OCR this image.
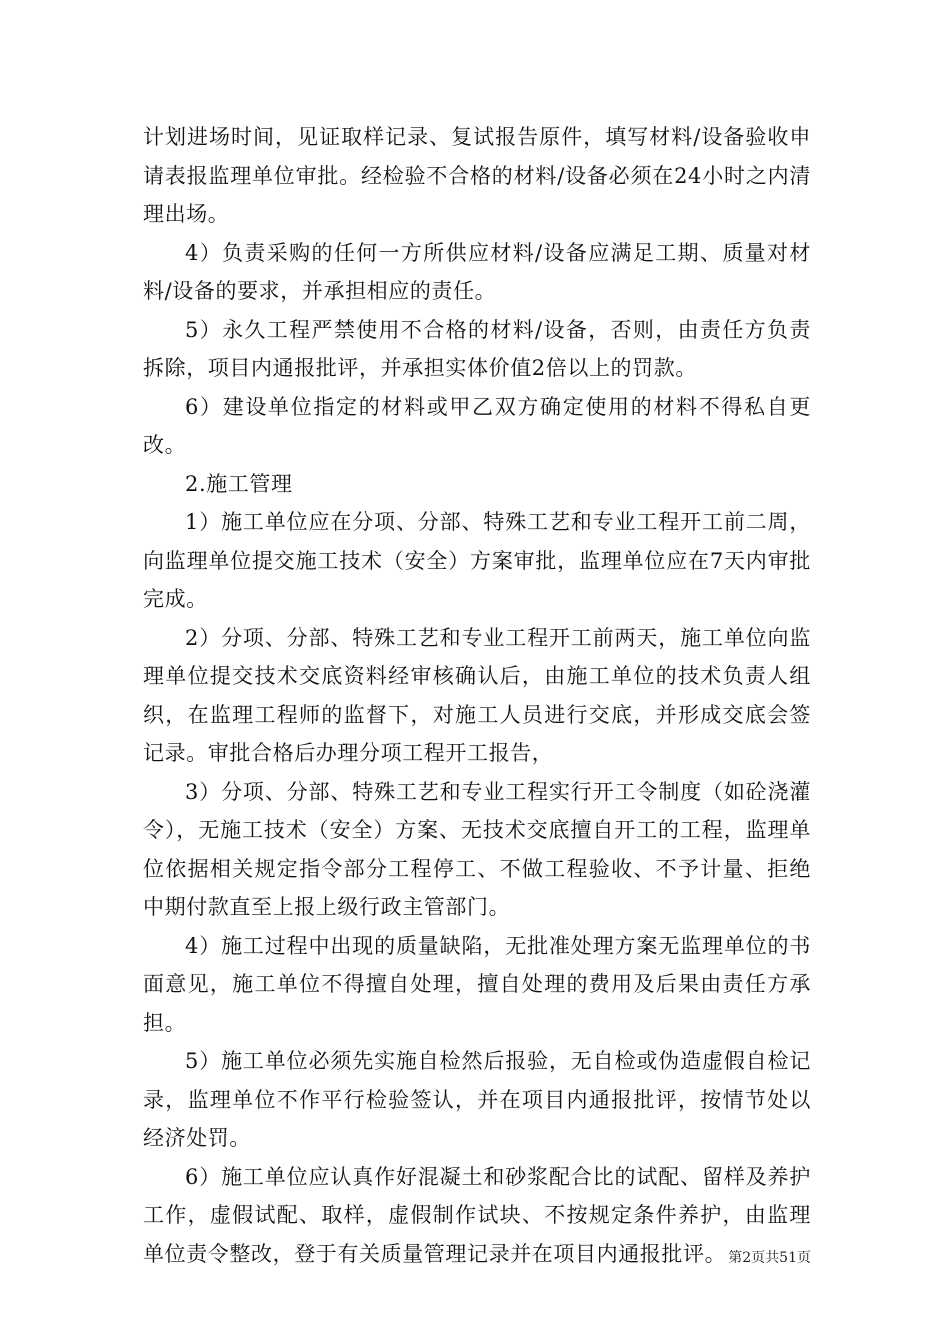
计划进场时间，见证取样记录、复试报告原件，填写材料/设备验收申请表报监理单位审批。经检验不合格的材料/设备必须在24小时之内清理出场。

4）负责采购的任何一方所供应材料/设备应满足工期、质量对材料/设备的要求，并承担相应的责任。

5）永久工程严禁使用不合格的材料/设备，否则，由责任方负责拆除，项目内通报批评，并承担实体价值2倍以上的罚款。

6）建设单位指定的材料或甲乙双方确定使用的材料不得私自更改。

2.施工管理

1）施工单位应在分项、分部、特殊工艺和专业工程开工前二周，向监理单位提交施工技术（安全）方案审批，监理单位应在7天内审批完成。

2）分项、分部、特殊工艺和专业工程开工前两天，施工单位向监理单位提交技术交底资料经审核确认后，由施工单位的技术负责人组织，在监理工程师的监督下，对施工人员进行交底，并形成交底会签记录。审批合格后办理分项工程开工报告，

3）分项、分部、特殊工艺和专业工程实行开工令制度（如砼浇灌令），无施工技术（安全）方案、无技术交底擅自开工的工程，监理单位依据相关规定指令部分工程停工、不做工程验收、不予计量、拒绝中期付款直至上报上级行政主管部门。

4）施工过程中出现的质量缺陷，无批准处理方案无监理单位的书面意见，施工单位不得擅自处理，擅自处理的费用及后果由责任方承担。

5）施工单位必须先实施自检然后报验，无自检或伪造虚假自检记录，监理单位不作平行检验签认，并在项目内通报批评，按情节处以经济处罚。

6）施工单位应认真作好混凝土和砂浆配合比的试配、留样及养护工作，虚假试配、取样，虚假制作试块、不按规定条件养护，由监理单位责令整改，登于有关质量管理记录并在项目内通报批评。 第2页共51页
